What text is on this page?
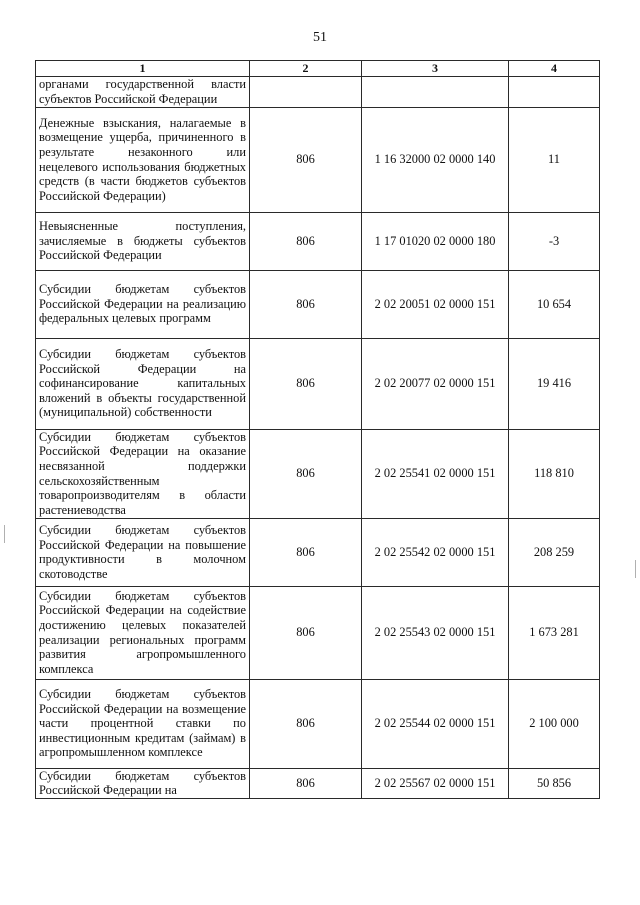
51
1	2	3	4
органами государственной власти субъектов Российской Федерации			
Денежные взыскания, налагаемые в возмещение ущерба, причиненного в результате незаконного или нецелевого использования бюджетных средств (в части бюджетов субъектов Российской Федерации)	806	1 16 32000 02 0000 140	11
Невыясненные поступления, зачисляемые в бюджеты субъектов Российской Федерации	806	1 17 01020 02 0000 180	-3
Субсидии бюджетам субъектов Российской Федерации на реализацию федеральных целевых программ	806	2 02 20051 02 0000 151	10 654
Субсидии бюджетам субъектов Российской Федерации на софинансирование капитальных вложений в объекты государственной (муниципальной) собственности	806	2 02 20077 02 0000 151	19 416
Субсидии бюджетам субъектов Российской Федерации на оказание несвязанной поддержки сельскохозяйственным товаропроизводителям в области растениеводства	806	2 02 25541 02 0000 151	118 810
Субсидии бюджетам субъектов Российской Федерации на повышение продуктивности в молочном скотоводстве	806	2 02 25542 02 0000 151	208 259
Субсидии бюджетам субъектов Российской Федерации на содействие достижению целевых показателей реализации региональных программ развития агропромышленного комплекса	806	2 02 25543 02 0000 151	1 673 281
Субсидии бюджетам субъектов Российской Федерации на возмещение части процентной ставки по инвестиционным кредитам (займам) в агропромышленном комплексе	806	2 02 25544 02 0000 151	2 100 000
Субсидии бюджетам субъектов Российской Федерации на	806	2 02 25567 02 0000 151	50 856
